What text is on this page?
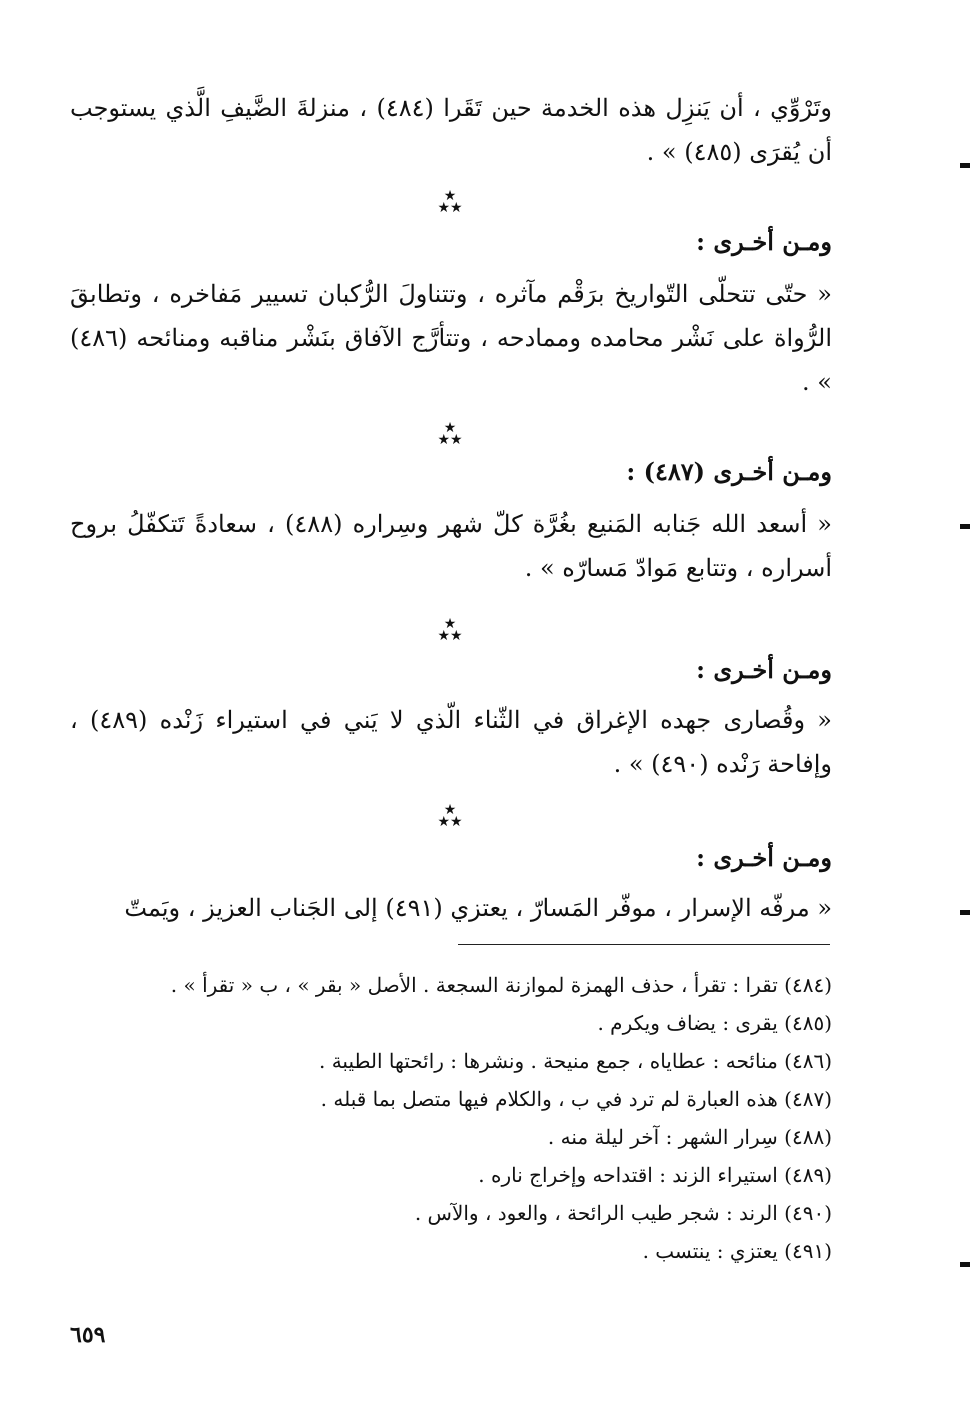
وتَرْوِّي ، أن يَنزِل هذه الخدمة حين تَقَرا (٤٨٤) ، منزلةَ الضَّيفِ الَّذي يستوجب أن يُقرَى (٤٨٥) » .
★
★★
ومـن أخـرى :
« حتّى تتحلّى التّواريخ برَقْم مآثره ، وتتناولَ الرُّكبان تسيير مَفاخره ، وتطابقَ الرُّواة على نَشْر محامده وممادحه ، وتتأرَّج الآفاق بنَشْر مناقبه ومنائحه (٤٨٦) » .
★
★★
ومـن أخـرى (٤٨٧) :
« أسعد الله جَنابه المَنيع بغُرَّة كلّ شهر وسِراره (٤٨٨) ، سعادةً تَتكفّلُ بروح أسراره ، وتتابع مَوادّ مَسارّه » .
★
★★
ومـن أخـرى :
« وقُصارى جهده الإغراق في الثّناء الّذي لا يَني في استيراء زَنْده (٤٨٩) ، وإفاحة رَنْده (٤٩٠) » .
★
★★
ومـن أخـرى :
« مرفّه الإسرار ، موفّر المَسارّ ، يعتزي (٤٩١) إلى الجَناب العزيز ، ويَمتّ
(٤٨٤) تقرا : تقرأ ، حذف الهمزة لموازنة السجعة . الأصل « بقر » ، ب « تقرأ » .
(٤٨٥) يقرى : يضاف ويكرم .
(٤٨٦) منائحه : عطاياه ، جمع منيحة . ونشرها : رائحتها الطيبة .
(٤٨٧) هذه العبارة لم ترد في ب ، والكلام فيها متصل بما قبله .
(٤٨٨) سِرار الشهر : آخر ليلة منه .
(٤٨٩) استيراء الزند : اقتداحه وإخراج ناره .
(٤٩٠) الرند : شجر طيب الرائحة ، والعود ، والآس .
(٤٩١) يعتزي : ينتسب .
٦٥٩
